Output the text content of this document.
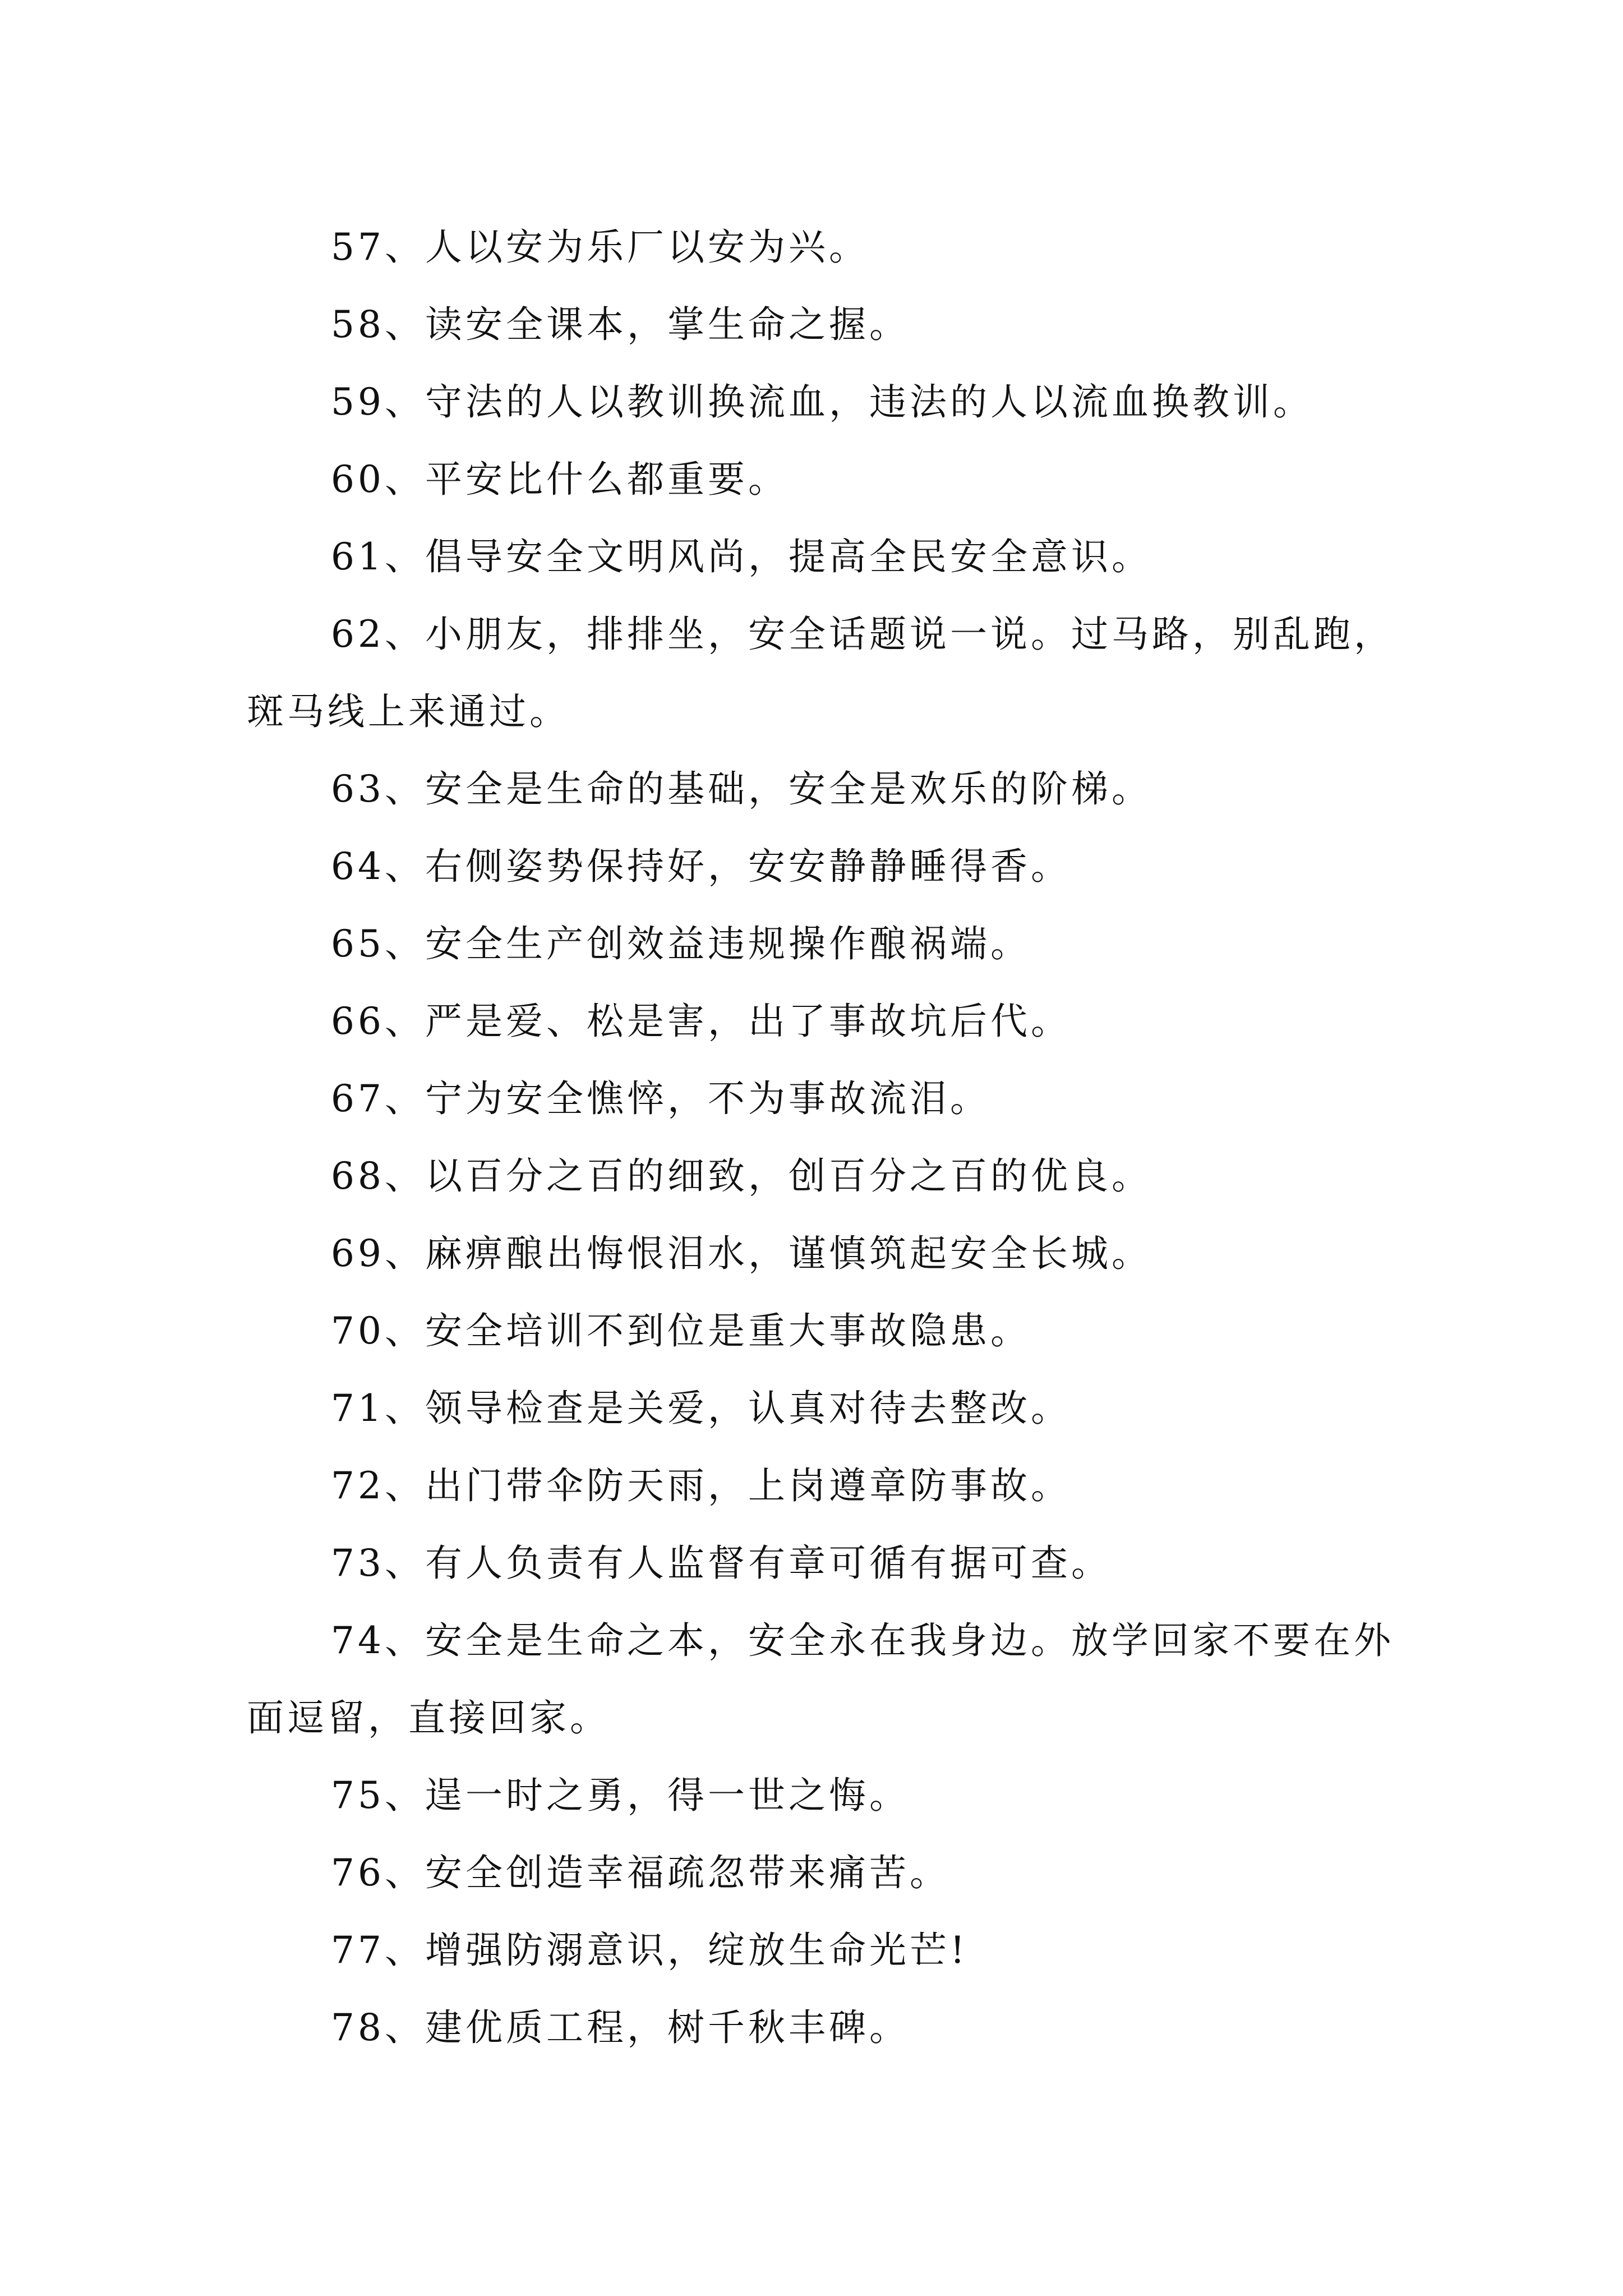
57、人以安为乐厂以安为兴。

58、读安全课本，掌生命之握。

59、守法的人以教训换流血，违法的人以流血换教训。

60、平安比什么都重要。

61、倡导安全文明风尚，提高全民安全意识。

62、小朋友，排排坐，安全话题说一说。过马路，别乱跑，斑马线上来通过。

63、安全是生命的基础，安全是欢乐的阶梯。

64、右侧姿势保持好，安安静静睡得香。

65、安全生产创效益违规操作酿祸端。

66、严是爱、松是害，出了事故坑后代。

67、宁为安全憔悴，不为事故流泪。

68、以百分之百的细致，创百分之百的优良。

69、麻痹酿出悔恨泪水，谨慎筑起安全长城。

70、安全培训不到位是重大事故隐患。

71、领导检查是关爱，认真对待去整改。

72、出门带伞防天雨，上岗遵章防事故。

73、有人负责有人监督有章可循有据可查。

74、安全是生命之本，安全永在我身边。放学回家不要在外面逗留，直接回家。

75、逞一时之勇，得一世之悔。

76、安全创造幸福疏忽带来痛苦。

77、增强防溺意识，绽放生命光芒!

78、建优质工程，树千秋丰碑。
